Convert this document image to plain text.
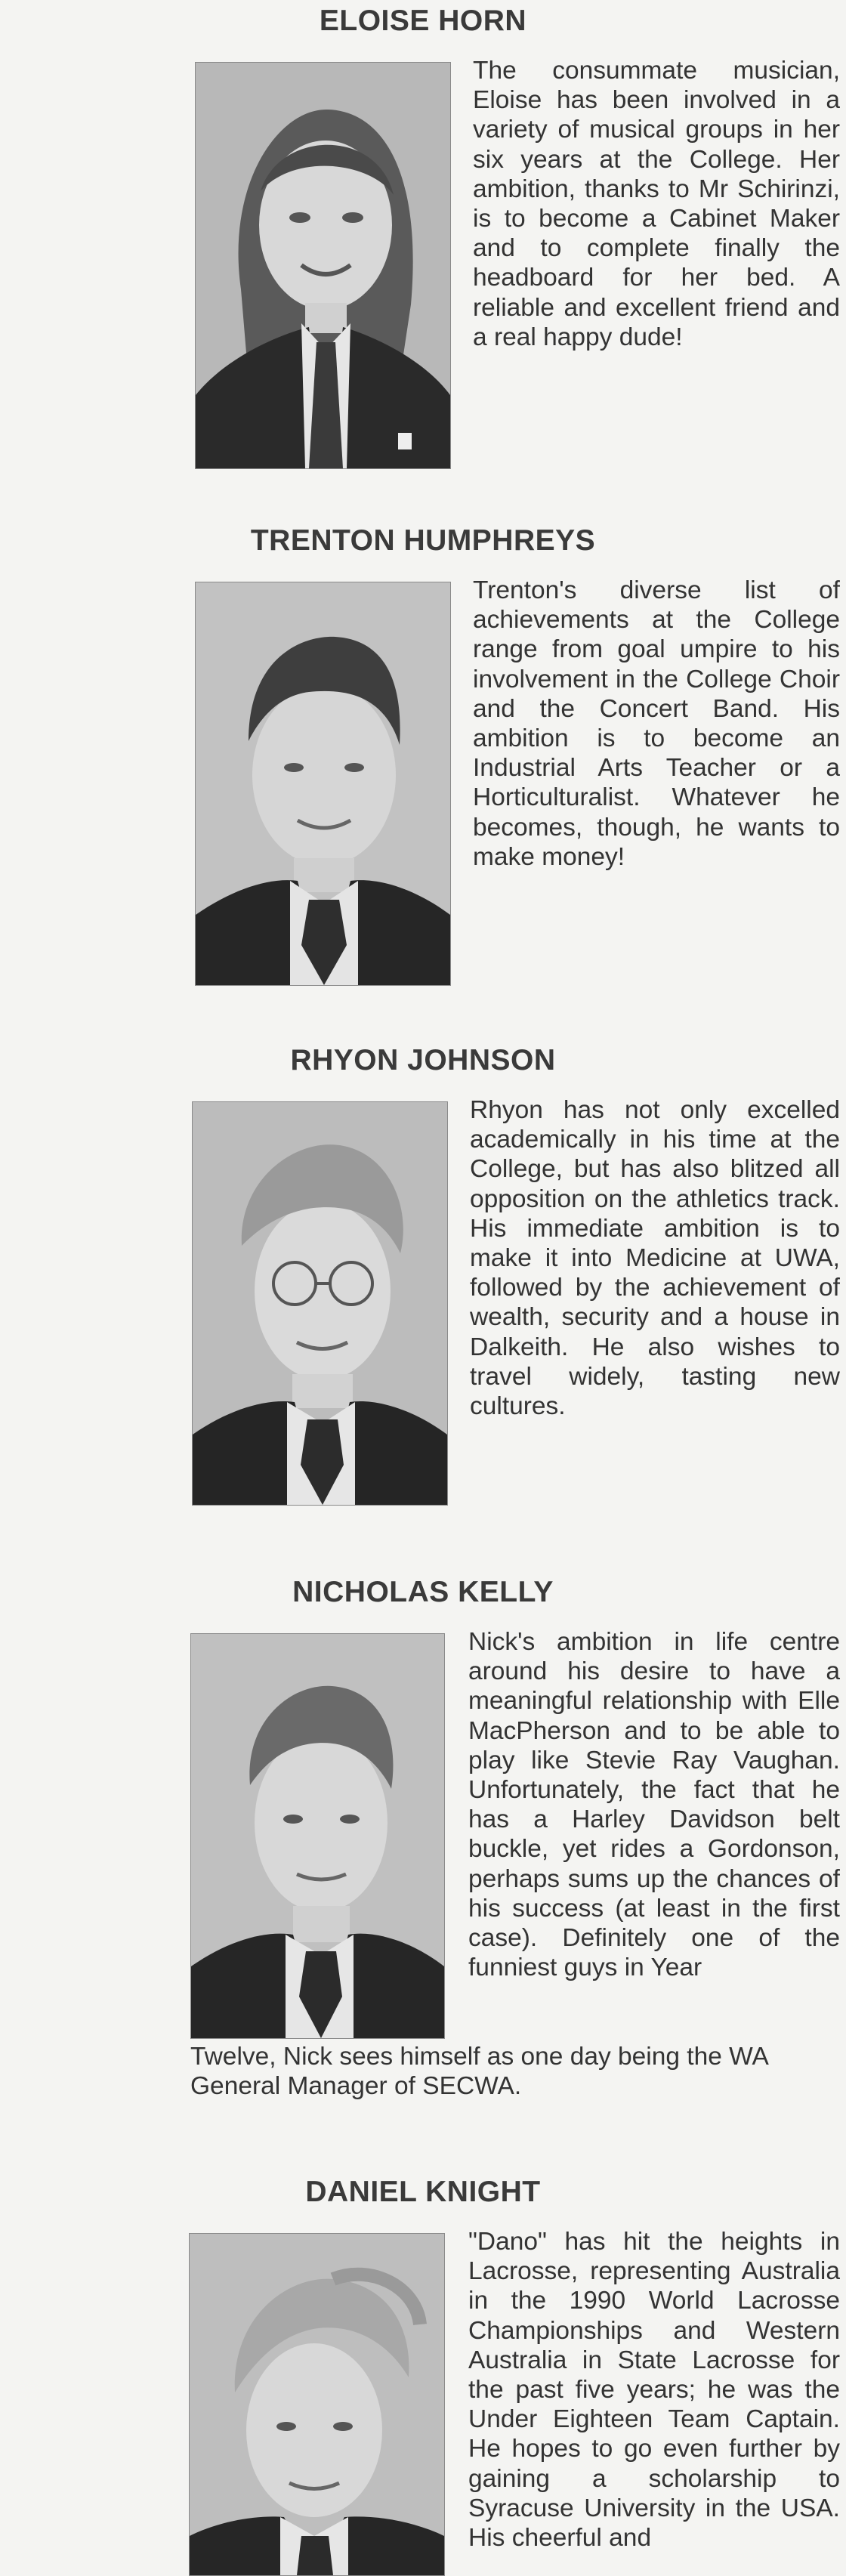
ELOISE HORN

The consummate musician, Eloise has been involved in a variety of musical groups in her six years at the College. Her ambition, thanks to Mr Schirinzi, is to become a Cabinet Maker and to complete finally the headboard for her bed. A reliable and excellent friend and a real happy dude!

TRENTON HUMPHREYS

Trenton's diverse list of achievements at the College range from goal umpire to his involvement in the College Choir and the Concert Band. His ambition is to become an Industrial Arts Teacher or a Horticulturalist. Whatever he becomes, though, he wants to make money!

RHYON JOHNSON

Rhyon has not only excelled academically in his time at the College, but has also blitzed all opposition on the athletics track. His immediate ambition is to make it into Medicine at UWA, followed by the achievement of wealth, security and a house in Dalkeith. He also wishes to travel widely, tasting new cultures.

NICHOLAS KELLY

Nick's ambition in life centre around his desire to have a meaningful relationship with Elle MacPherson and to be able to play like Stevie Ray Vaughan. Unfortunately, the fact that he has a Harley Davidson belt buckle, yet rides a Gordonson, perhaps sums up the chances of his success (at least in the first case). Definitely one of the funniest guys in Year

Twelve, Nick sees himself as one day being the WA General Manager of SECWA.

DANIEL KNIGHT

"Dano" has hit the heights in Lacrosse, representing Australia in the 1990 World Lacrosse Championships and Western Australia in State Lacrosse for the past five years; he was the Under Eighteen Team Captain. He hopes to go even further by gaining a scholarship to Syracuse University in the USA. His cheerful and
